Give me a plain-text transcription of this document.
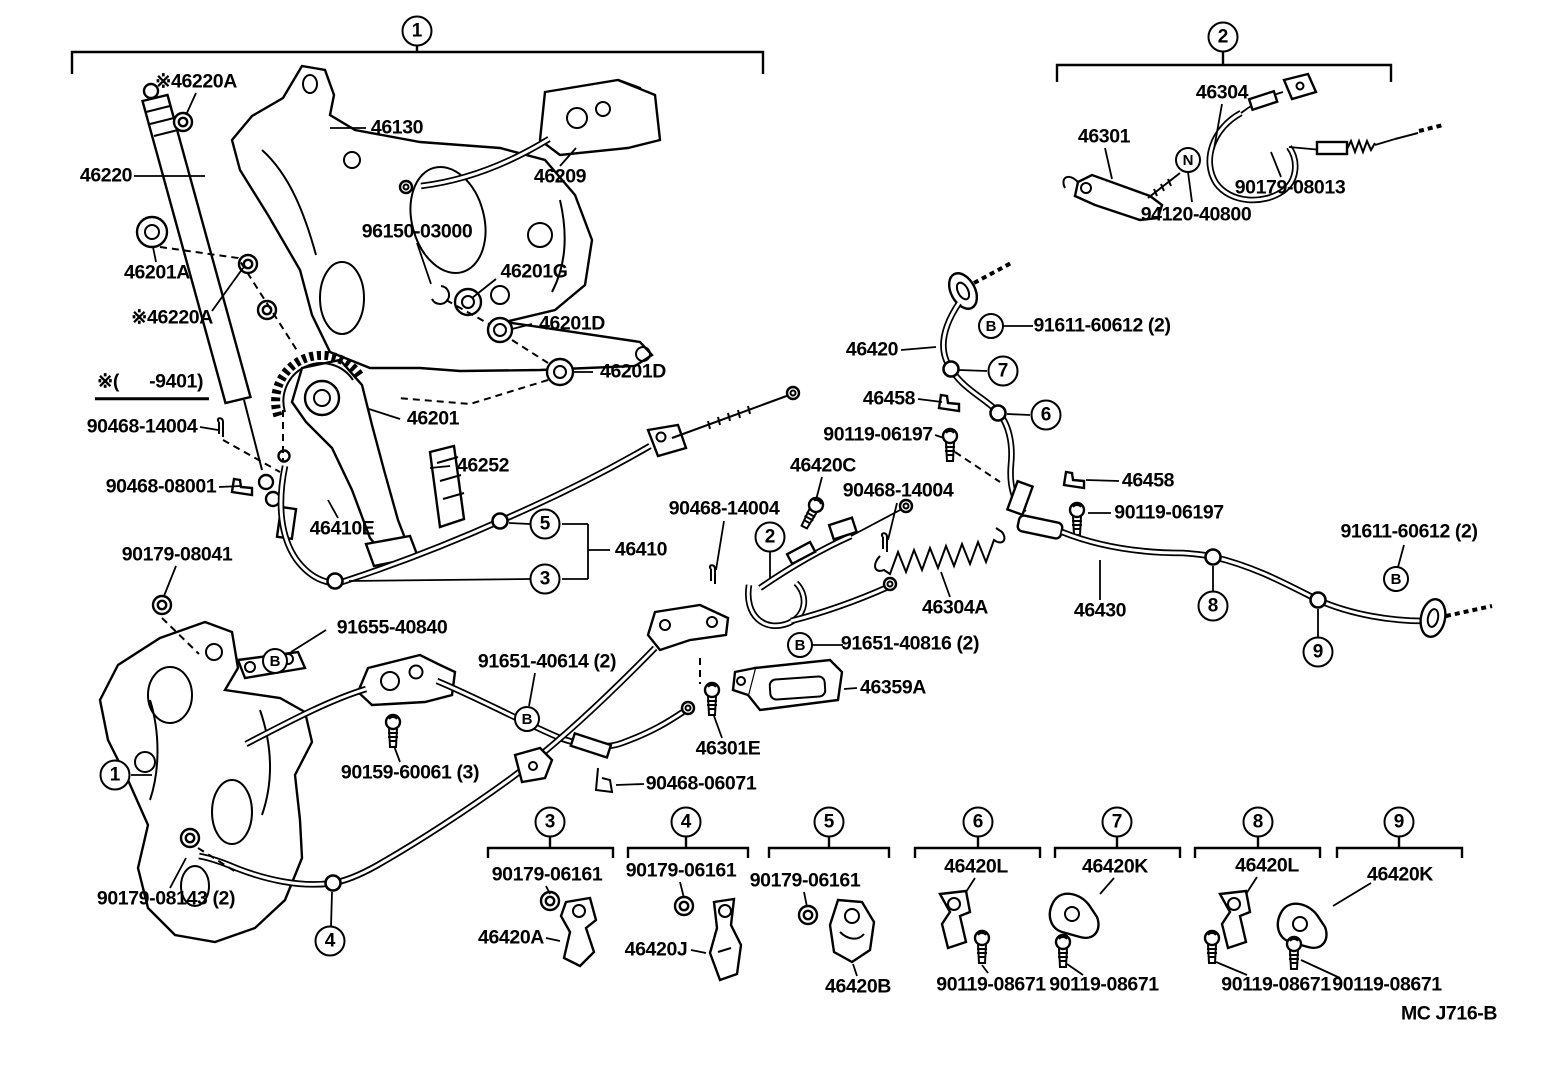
※46220A
46130
46220	46209
46201A
※46220A
96150-03000
46201G
46201D
46201D
※(      -9401)
90468-14004
90468-08001
46410E
90179-08041
46201
46252
46410
91655-40840
91651-40614 (2)
90159-60061 (3)
90179-08143 (2)
90468-14004
46420C
90468-14004
46304A
91651-40816 (2)
46359A
46301E
90468-06071
46420
91611-60612 (2)
46458
90119-06197
46458
90119-06197
46430
91611-60612 (2)
46304
46301
90179-08013
94120-40800
90179-06161
46420A
90179-06161
46420J
90179-06161
46420B
46420L
90119-08671
46420K
90119-08671
46420L
90119-08671
46420K
90119-08671
MC J716-B
1	2
1
2
5
3
4
7
6
8
9
3	4	5	6	7	8	9
B
B
B
B
B
N
